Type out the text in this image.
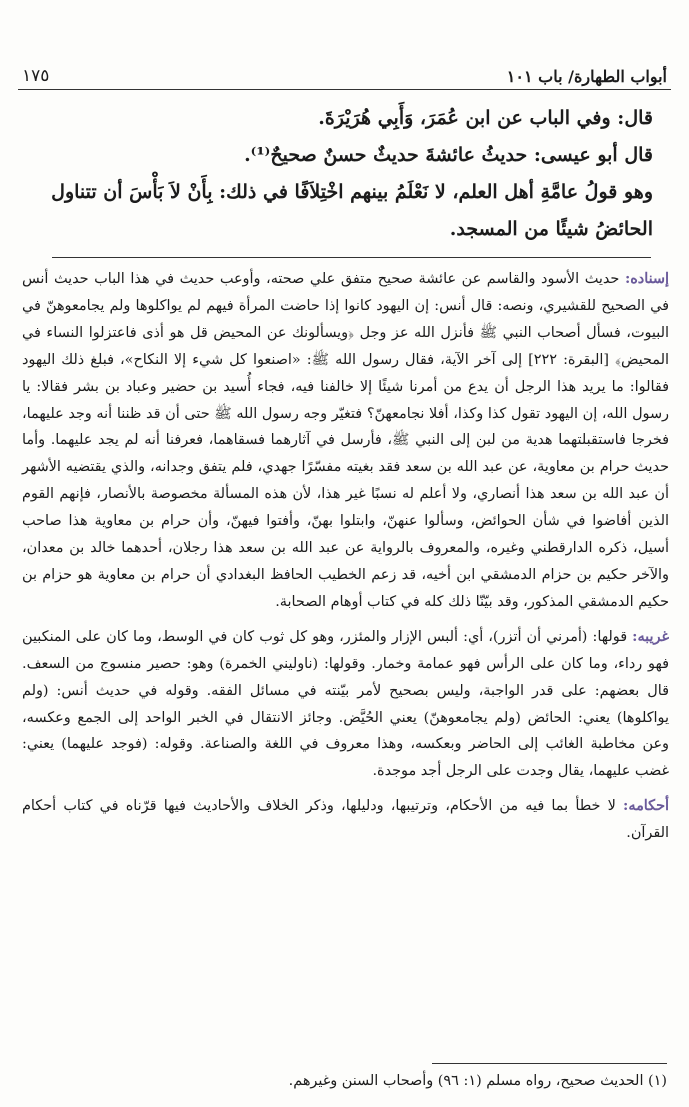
أبواب الطهارة/ باب ١٠١
١٧٥

قال: وفي الباب عن ابن عُمَرَ، وَأَبِي هُرَيْرَةَ.

قال أبو عيسى: حديثُ عائشةَ حديثٌ حسنٌ صحيحٌ⁽¹⁾.

وهو قولُ عامَّةِ أهل العلم، لا نَعْلَمُ بينهم اخْتِلاَفًا في ذلك: بِأَنْ لاَ بَأْسَ أن تتناول الحائضُ شيئًا من المسجد.

إسناده: حديث الأسود والقاسم عن عائشة صحيح متفق علي صحته، وأوعب حديث في هذا الباب حديث أنس في الصحيح للقشيري، ونصه: قال أنس: إن اليهود كانوا إذا حاضت المرأة فيهم لم يواكلوها ولم يجامعوهنّ في البيوت، فسأل أصحاب النبي ﷺ فأنزل الله عز وجل ﴿ويسألونك عن المحيض قل هو أذى فاعتزلوا النساء في المحيض﴾ [البقرة: ٢٢٢] إلى آخر الآية، فقال رسول الله ﷺ: «اصنعوا كل شيء إلا النكاح»، فبلغ ذلك اليهود فقالوا: ما يريد هذا الرجل أن يدع من أمرنا شيئًا إلا خالفنا فيه، فجاء أُسيد بن حضير وعباد بن بشر فقالا: يا رسول الله، إن اليهود تقول كذا وكذا، أفلا نجامعهنّ؟ فتغيّر وجه رسول الله ﷺ حتى أن قد ظننا أنه وجد عليهما، فخرجا فاستقبلتهما هدية من لبن إلى النبي ﷺ، فأرسل في آثارهما فسقاهما، فعرفنا أنه لم يجد عليهما. وأما حديث حرام بن معاوية، عن عبد الله بن سعد فقد بغيته مفسّرًا جهدي، فلم يتفق وجدانه، والذي يقتضيه الأشهر أن عبد الله بن سعد هذا أنصاري، ولا أعلم له نسبًا غير هذا، لأن هذه المسألة مخصوصة بالأنصار، فإنهم القوم الذين أفاضوا في شأن الحوائض، وسألوا عنهنّ، وابتلوا بهنّ، وأفتوا فيهنّ، وأن حرام بن معاوية هذا صاحب أسيل، ذكره الدارقطني وغيره، والمعروف بالرواية عن عبد الله بن سعد هذا رجلان، أحدهما خالد بن معدان، والآخر حكيم بن حزام الدمشقي ابن أخيه، قد زعم الخطيب الحافظ البغدادي أن حرام بن معاوية هو حزام بن حكيم الدمشقي المذكور، وقد بيّنّا ذلك كله في كتاب أوهام الصحابة.

غريبه: قولها: (أمرني أن أتزر)، أي: ألبس الإزار والمئزر، وهو كل ثوب كان في الوسط، وما كان على المنكبين فهو رداء، وما كان على الرأس فهو عمامة وخمار. وقولها: (ناوليني الخمرة) وهو: حصير منسوج من السعف. قال بعضهم: على قدر الواجبة، وليس بصحيح لأمر بيّنته في مسائل الفقه. وقوله في حديث أنس: (ولم يواكلوها) يعني: الحائض (ولم يجامعوهنّ) يعني الحُيَّض. وجائز الانتقال في الخبر الواحد إلى الجمع وعكسه، وعن مخاطبة الغائب إلى الحاضر وبعكسه، وهذا معروف في اللغة والصناعة. وقوله: (فوجد عليهما) يعني: غضب عليهما، يقال وجدت على الرجل أجد موجدة.

أحكامه: لا خطأ بما فيه من الأحكام، وترتيبها، ودليلها، وذكر الخلاف والأحاديث فيها قرّناه في كتاب أحكام القرآن.

(١) الحديث صحيح، رواه مسلم (١: ٩٦) وأصحاب السنن وغيرهم.
